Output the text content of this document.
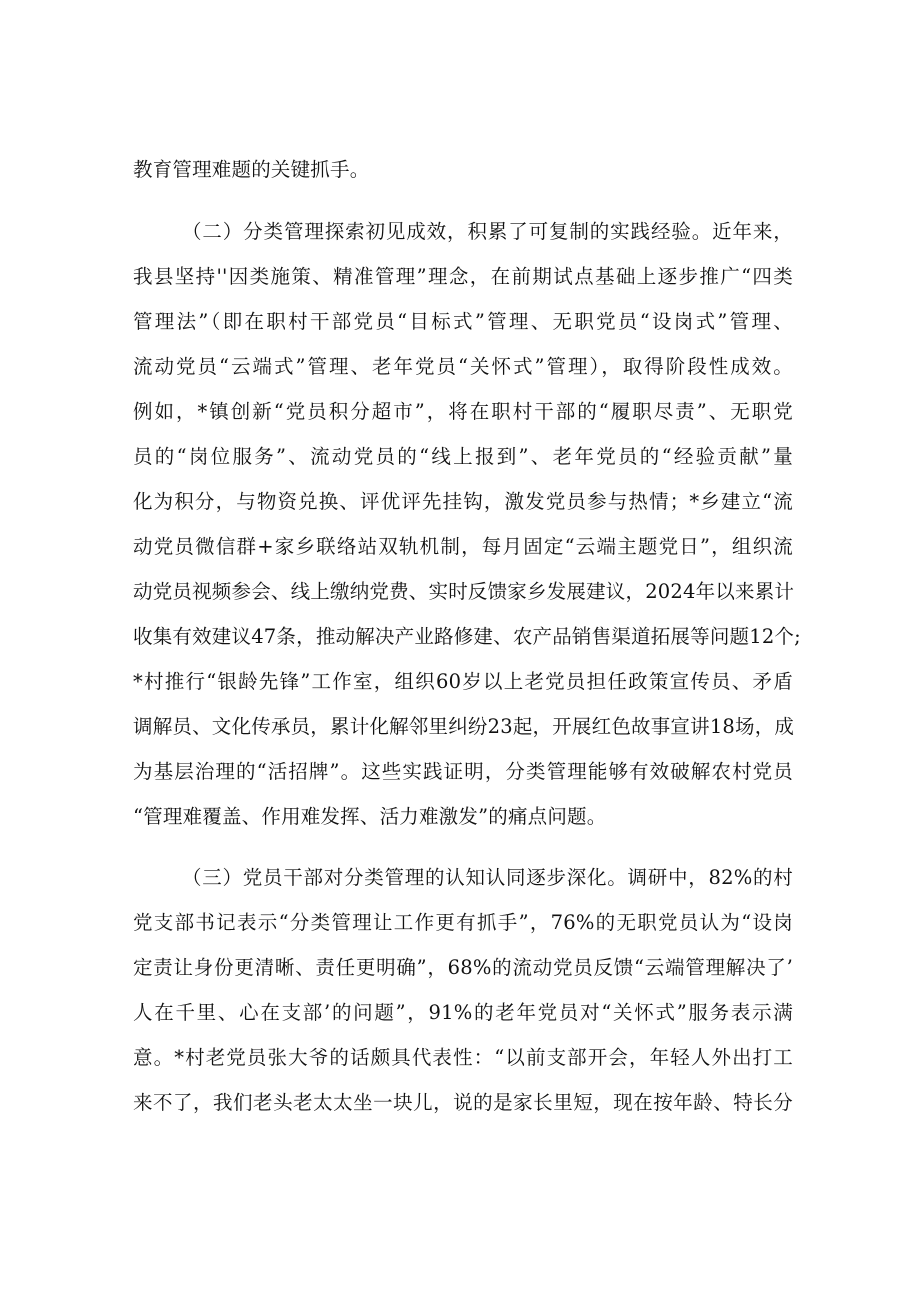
教育管理难题的关键抓手。
（二）分类管理探索初见成效，积累了可复制的实践经验。近年来，
我县坚持''因类施策、精准管理”理念，在前期试点基础上逐步推广“四类
管理法”（即在职村干部党员“目标式”管理、无职党员“设岗式”管理、
流动党员“云端式”管理、老年党员“关怀式”管理），取得阶段性成效。
例如，*镇创新“党员积分超市”，将在职村干部的“履职尽责”、无职党
员的“岗位服务”、流动党员的“线上报到”、老年党员的“经验贡献”量
化为积分，与物资兑换、评优评先挂钩，激发党员参与热情；*乡建立“流
动党员微信群+家乡联络站双轨机制，每月固定“云端主题党日”，组织流
动党员视频参会、线上缴纳党费、实时反馈家乡发展建议，2024年以来累计
收集有效建议47条，推动解决产业路修建、农产品销售渠道拓展等问题12个;
*村推行“银龄先锋”工作室，组织60岁以上老党员担任政策宣传员、矛盾
调解员、文化传承员，累计化解邻里纠纷23起，开展红色故事宣讲18场，成
为基层治理的“活招牌”。这些实践证明，分类管理能够有效破解农村党员
“管理难覆盖、作用难发挥、活力难激发”的痛点问题。
（三）党员干部对分类管理的认知认同逐步深化。调研中，82%的村
党支部书记表示“分类管理让工作更有抓手”，76%的无职党员认为“设岗
定责让身份更清晰、责任更明确”，68%的流动党员反馈“云端管理解决了’
人在千里、心在支部’的问题”，91%的老年党员对“关怀式”服务表示满
意。*村老党员张大爷的话颇具代表性：“以前支部开会，年轻人外出打工
来不了，我们老头老太太坐一块儿，说的是家长里短，现在按年龄、特长分
